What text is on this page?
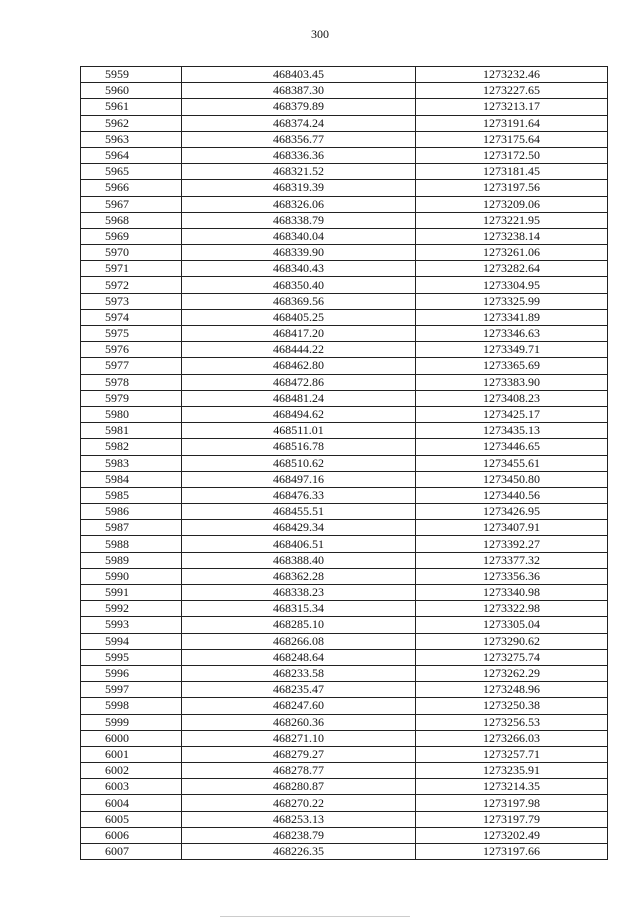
300
5959	468403.45	1273232.46
5960	468387.30	1273227.65
5961	468379.89	1273213.17
5962	468374.24	1273191.64
5963	468356.77	1273175.64
5964	468336.36	1273172.50
5965	468321.52	1273181.45
5966	468319.39	1273197.56
5967	468326.06	1273209.06
5968	468338.79	1273221.95
5969	468340.04	1273238.14
5970	468339.90	1273261.06
5971	468340.43	1273282.64
5972	468350.40	1273304.95
5973	468369.56	1273325.99
5974	468405.25	1273341.89
5975	468417.20	1273346.63
5976	468444.22	1273349.71
5977	468462.80	1273365.69
5978	468472.86	1273383.90
5979	468481.24	1273408.23
5980	468494.62	1273425.17
5981	468511.01	1273435.13
5982	468516.78	1273446.65
5983	468510.62	1273455.61
5984	468497.16	1273450.80
5985	468476.33	1273440.56
5986	468455.51	1273426.95
5987	468429.34	1273407.91
5988	468406.51	1273392.27
5989	468388.40	1273377.32
5990	468362.28	1273356.36
5991	468338.23	1273340.98
5992	468315.34	1273322.98
5993	468285.10	1273305.04
5994	468266.08	1273290.62
5995	468248.64	1273275.74
5996	468233.58	1273262.29
5997	468235.47	1273248.96
5998	468247.60	1273250.38
5999	468260.36	1273256.53
6000	468271.10	1273266.03
6001	468279.27	1273257.71
6002	468278.77	1273235.91
6003	468280.87	1273214.35
6004	468270.22	1273197.98
6005	468253.13	1273197.79
6006	468238.79	1273202.49
6007	468226.35	1273197.66
